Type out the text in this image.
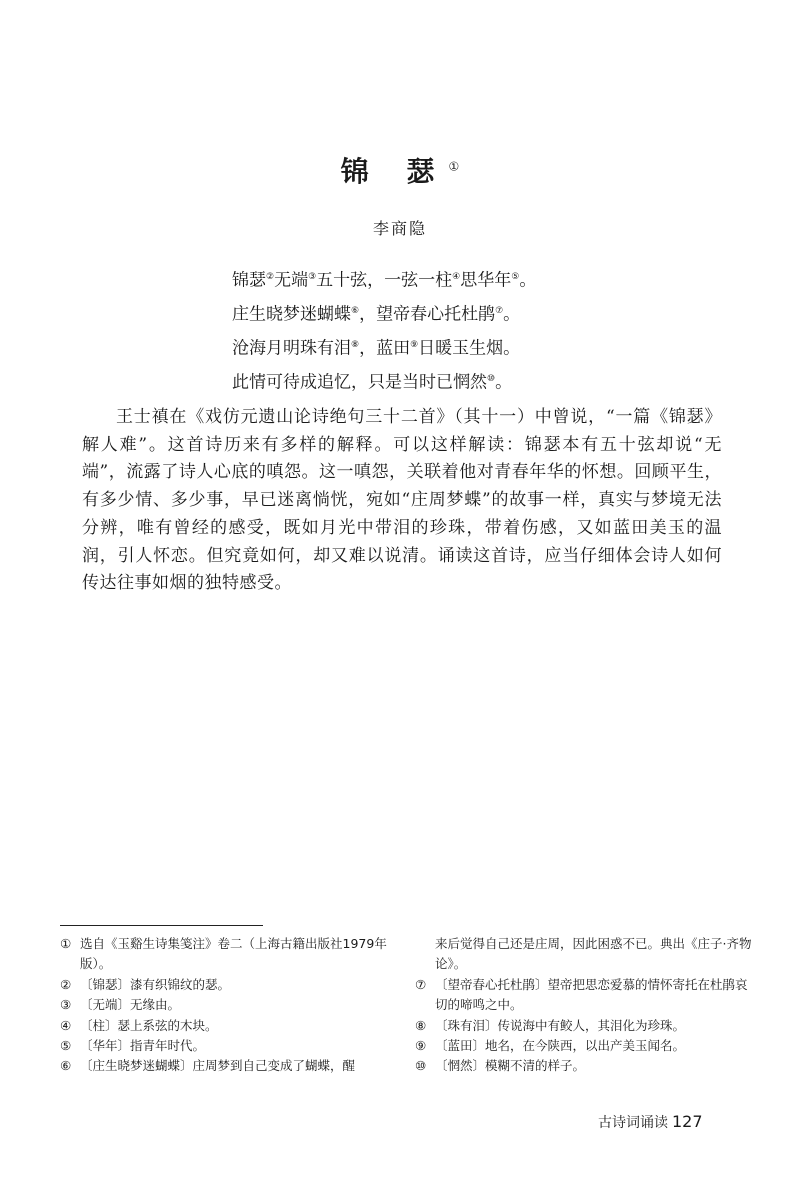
锦 瑟①
李商隐
锦瑟②无端③五十弦，一弦一柱④思华年⑤。
庄生晓梦迷蝴蝶⑥，望帝春心托杜鹃⑦。
沧海月明珠有泪⑧，蓝田⑨日暖玉生烟。
此情可待成追忆，只是当时已惘然⑩。
王士禛在《戏仿元遗山论诗绝句三十二首》（其十一）中曾说，“一篇《锦瑟》解人难”。这首诗历来有多样的解释。可以这样解读：锦瑟本有五十弦却说“无端”，流露了诗人心底的嗔怨。这一嗔怨，关联着他对青春年华的怀想。回顾平生，有多少情、多少事，早已迷离惝恍，宛如“庄周梦蝶”的故事一样，真实与梦境无法分辨，唯有曾经的感受，既如月光中带泪的珍珠，带着伤感，又如蓝田美玉的温润，引人怀恋。但究竟如何，却又难以说清。诵读这首诗，应当仔细体会诗人如何传达往事如烟的独特感受。
① 选自《玉谿生诗集笺注》卷二（上海古籍出版社1979年版）。
② 〔锦瑟〕漆有织锦纹的瑟。
③ 〔无端〕无缘由。
④ 〔柱〕瑟上系弦的木块。
⑤ 〔华年〕指青年时代。
⑥ 〔庄生晓梦迷蝴蝶〕庄周梦到自己变成了蝴蝶，醒
来后觉得自己还是庄周，因此困惑不已。典出《庄子·齐物论》。
⑦ 〔望帝春心托杜鹃〕望帝把思恋爱慕的情怀寄托在杜鹃哀切的啼鸣之中。
⑧ 〔珠有泪〕传说海中有鲛人，其泪化为珍珠。
⑨ 〔蓝田〕地名，在今陕西，以出产美玉闻名。
⑩ 〔惘然〕模糊不清的样子。
古诗词诵读 127
